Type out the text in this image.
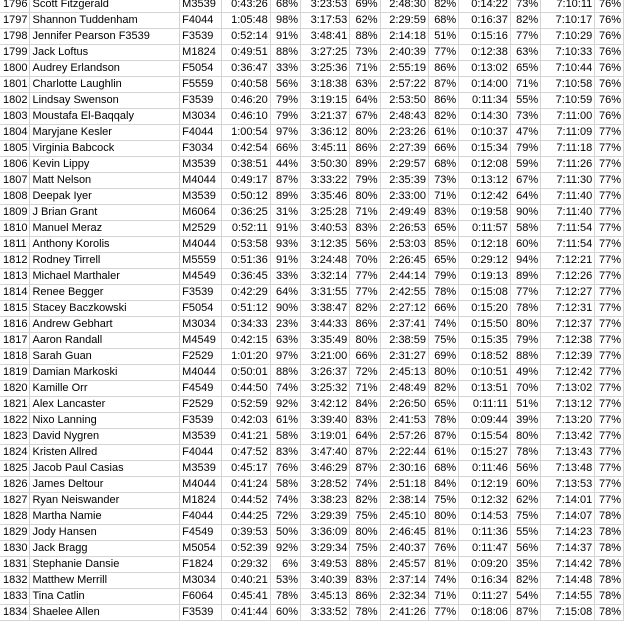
1796	Scott Fitzgerald	M3539	0:43:26	68%	3:23:53	69%	2:48:30	82%	0:14:22	73%	7:10:11	76%
1797	Shannon Tuddenham	F4044	1:05:48	98%	3:17:53	62%	2:29:59	68%	0:16:37	82%	7:10:17	76%
1798	Jennifer Pearson F3539	F3539	0:52:14	91%	3:48:41	88%	2:14:18	51%	0:15:16	77%	7:10:29	76%
1799	Jack Loftus	M1824	0:49:51	88%	3:27:25	73%	2:40:39	77%	0:12:38	63%	7:10:33	76%
1800	Audrey Erlandson	F5054	0:36:47	33%	3:25:36	71%	2:55:19	86%	0:13:02	65%	7:10:44	76%
1801	Charlotte Laughlin	F5559	0:40:58	56%	3:18:38	63%	2:57:22	87%	0:14:00	71%	7:10:58	76%
1802	Lindsay Swenson	F3539	0:46:20	79%	3:19:15	64%	2:53:50	86%	0:11:34	55%	7:10:59	76%
1803	Moustafa El-Baqqaly	M3034	0:46:10	79%	3:21:37	67%	2:48:43	82%	0:14:30	73%	7:11:00	76%
1804	Maryjane Kesler	F4044	1:00:54	97%	3:36:12	80%	2:23:26	61%	0:10:37	47%	7:11:09	77%
1805	Virginia Babcock	F3034	0:42:54	66%	3:45:11	86%	2:27:39	66%	0:15:34	79%	7:11:18	77%
1806	Kevin Lippy	M3539	0:38:51	44%	3:50:30	89%	2:29:57	68%	0:12:08	59%	7:11:26	77%
1807	Matt Nelson	M4044	0:49:17	87%	3:33:22	79%	2:35:39	73%	0:13:12	67%	7:11:30	77%
1808	Deepak Iyer	M3539	0:50:12	89%	3:35:46	80%	2:33:00	71%	0:12:42	64%	7:11:40	77%
1809	J Brian Grant	M6064	0:36:25	31%	3:25:28	71%	2:49:49	83%	0:19:58	90%	7:11:40	77%
1810	Manuel Meraz	M2529	0:52:11	91%	3:40:53	83%	2:26:53	65%	0:11:57	58%	7:11:54	77%
1811	Anthony Korolis	M4044	0:53:58	93%	3:12:35	56%	2:53:03	85%	0:12:18	60%	7:11:54	77%
1812	Rodney Tirrell	M5559	0:51:36	91%	3:24:48	70%	2:26:45	65%	0:29:12	94%	7:12:21	77%
1813	Michael Marthaler	M4549	0:36:45	33%	3:32:14	77%	2:44:14	79%	0:19:13	89%	7:12:26	77%
1814	Renee Begger	F3539	0:42:29	64%	3:31:55	77%	2:42:55	78%	0:15:08	77%	7:12:27	77%
1815	Stacey Baczkowski	F5054	0:51:12	90%	3:38:47	82%	2:27:12	66%	0:15:20	78%	7:12:31	77%
1816	Andrew Gebhart	M3034	0:34:33	23%	3:44:33	86%	2:37:41	74%	0:15:50	80%	7:12:37	77%
1817	Aaron Randall	M4549	0:42:15	63%	3:35:49	80%	2:38:59	75%	0:15:35	79%	7:12:38	77%
1818	Sarah Guan	F2529	1:01:20	97%	3:21:00	66%	2:31:27	69%	0:18:52	88%	7:12:39	77%
1819	Damian Markoski	M4044	0:50:01	88%	3:26:37	72%	2:45:13	80%	0:10:51	49%	7:12:42	77%
1820	Kamille Orr	F4549	0:44:50	74%	3:25:32	71%	2:48:49	82%	0:13:51	70%	7:13:02	77%
1821	Alex Lancaster	F2529	0:52:59	92%	3:42:12	84%	2:26:50	65%	0:11:11	51%	7:13:12	77%
1822	Nixo Lanning	F3539	0:42:03	61%	3:39:40	83%	2:41:53	78%	0:09:44	39%	7:13:20	77%
1823	David Nygren	M3539	0:41:21	58%	3:19:01	64%	2:57:26	87%	0:15:54	80%	7:13:42	77%
1824	Kristen Allred	F4044	0:47:52	83%	3:47:40	87%	2:22:44	61%	0:15:27	78%	7:13:43	77%
1825	Jacob Paul Casias	M3539	0:45:17	76%	3:46:29	87%	2:30:16	68%	0:11:46	56%	7:13:48	77%
1826	James Deltour	M4044	0:41:24	58%	3:28:52	74%	2:51:18	84%	0:12:19	60%	7:13:53	77%
1827	Ryan Neiswander	M1824	0:44:52	74%	3:38:23	82%	2:38:14	75%	0:12:32	62%	7:14:01	77%
1828	Martha Namie	F4044	0:44:25	72%	3:29:39	75%	2:45:10	80%	0:14:53	75%	7:14:07	78%
1829	Jody Hansen	F4549	0:39:53	50%	3:36:09	80%	2:46:45	81%	0:11:36	55%	7:14:23	78%
1830	Jack Bragg	M5054	0:52:39	92%	3:29:34	75%	2:40:37	76%	0:11:47	56%	7:14:37	78%
1831	Stephanie Dansie	F1824	0:29:32	6%	3:49:53	88%	2:45:57	81%	0:09:20	35%	7:14:42	78%
1832	Matthew Merrill	M3034	0:40:21	53%	3:40:39	83%	2:37:14	74%	0:16:34	82%	7:14:48	78%
1833	Tina Catlin	F6064	0:45:41	78%	3:45:13	86%	2:32:34	71%	0:11:27	54%	7:14:55	78%
1834	Shaelee Allen	F3539	0:41:44	60%	3:33:52	78%	2:41:26	77%	0:18:06	87%	7:15:08	78%
